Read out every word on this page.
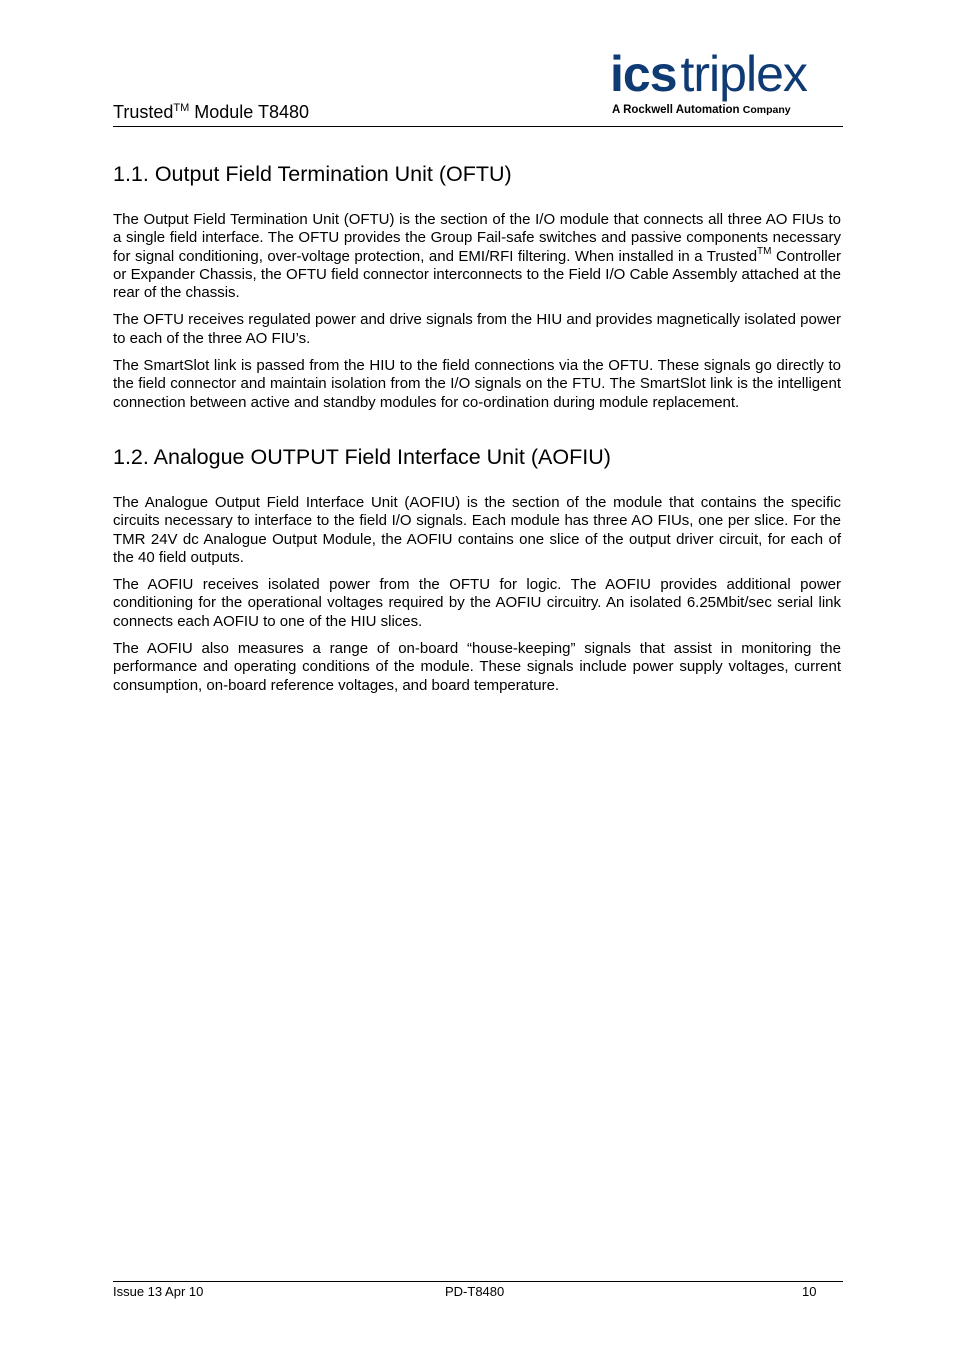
Trusted™ Module T8480
icstriplex
A Rockwell Automation Company
1.1. Output Field Termination Unit (OFTU)

The Output Field Termination Unit (OFTU) is the section of the I/O module that connects all three AO FIUs to a single field interface. The OFTU provides the Group Fail-safe switches and passive components necessary for signal conditioning, over-voltage protection, and EMI/RFI filtering. When installed in a Trusted™ Controller or Expander Chassis, the OFTU field connector interconnects to the Field I/O Cable Assembly attached at the rear of the chassis.

The OFTU receives regulated power and drive signals from the HIU and provides magnetically isolated power to each of the three AO FIU’s.

The SmartSlot link is passed from the HIU to the field connections via the OFTU. These signals go directly to the field connector and maintain isolation from the I/O signals on the FTU. The SmartSlot link is the intelligent connection between active and standby modules for co-ordination during module replacement.

1.2. Analogue OUTPUT Field Interface Unit (AOFIU)

The Analogue Output Field Interface Unit (AOFIU) is the section of the module that contains the specific circuits necessary to interface to the field I/O signals. Each module has three AO FIUs, one per slice. For the TMR 24V dc Analogue Output Module, the AOFIU contains one slice of the output driver circuit, for each of the 40 field outputs.

The AOFIU receives isolated power from the OFTU for logic. The AOFIU provides additional power conditioning for the operational voltages required by the AOFIU circuitry. An isolated 6.25Mbit/sec serial link connects each AOFIU to one of the HIU slices.

The AOFIU also measures a range of on-board “house-keeping” signals that assist in monitoring the performance and operating conditions of the module. These signals include power supply voltages, current consumption, on-board reference voltages, and board temperature.

Issue 13 Apr 10	PD-T8480	10
